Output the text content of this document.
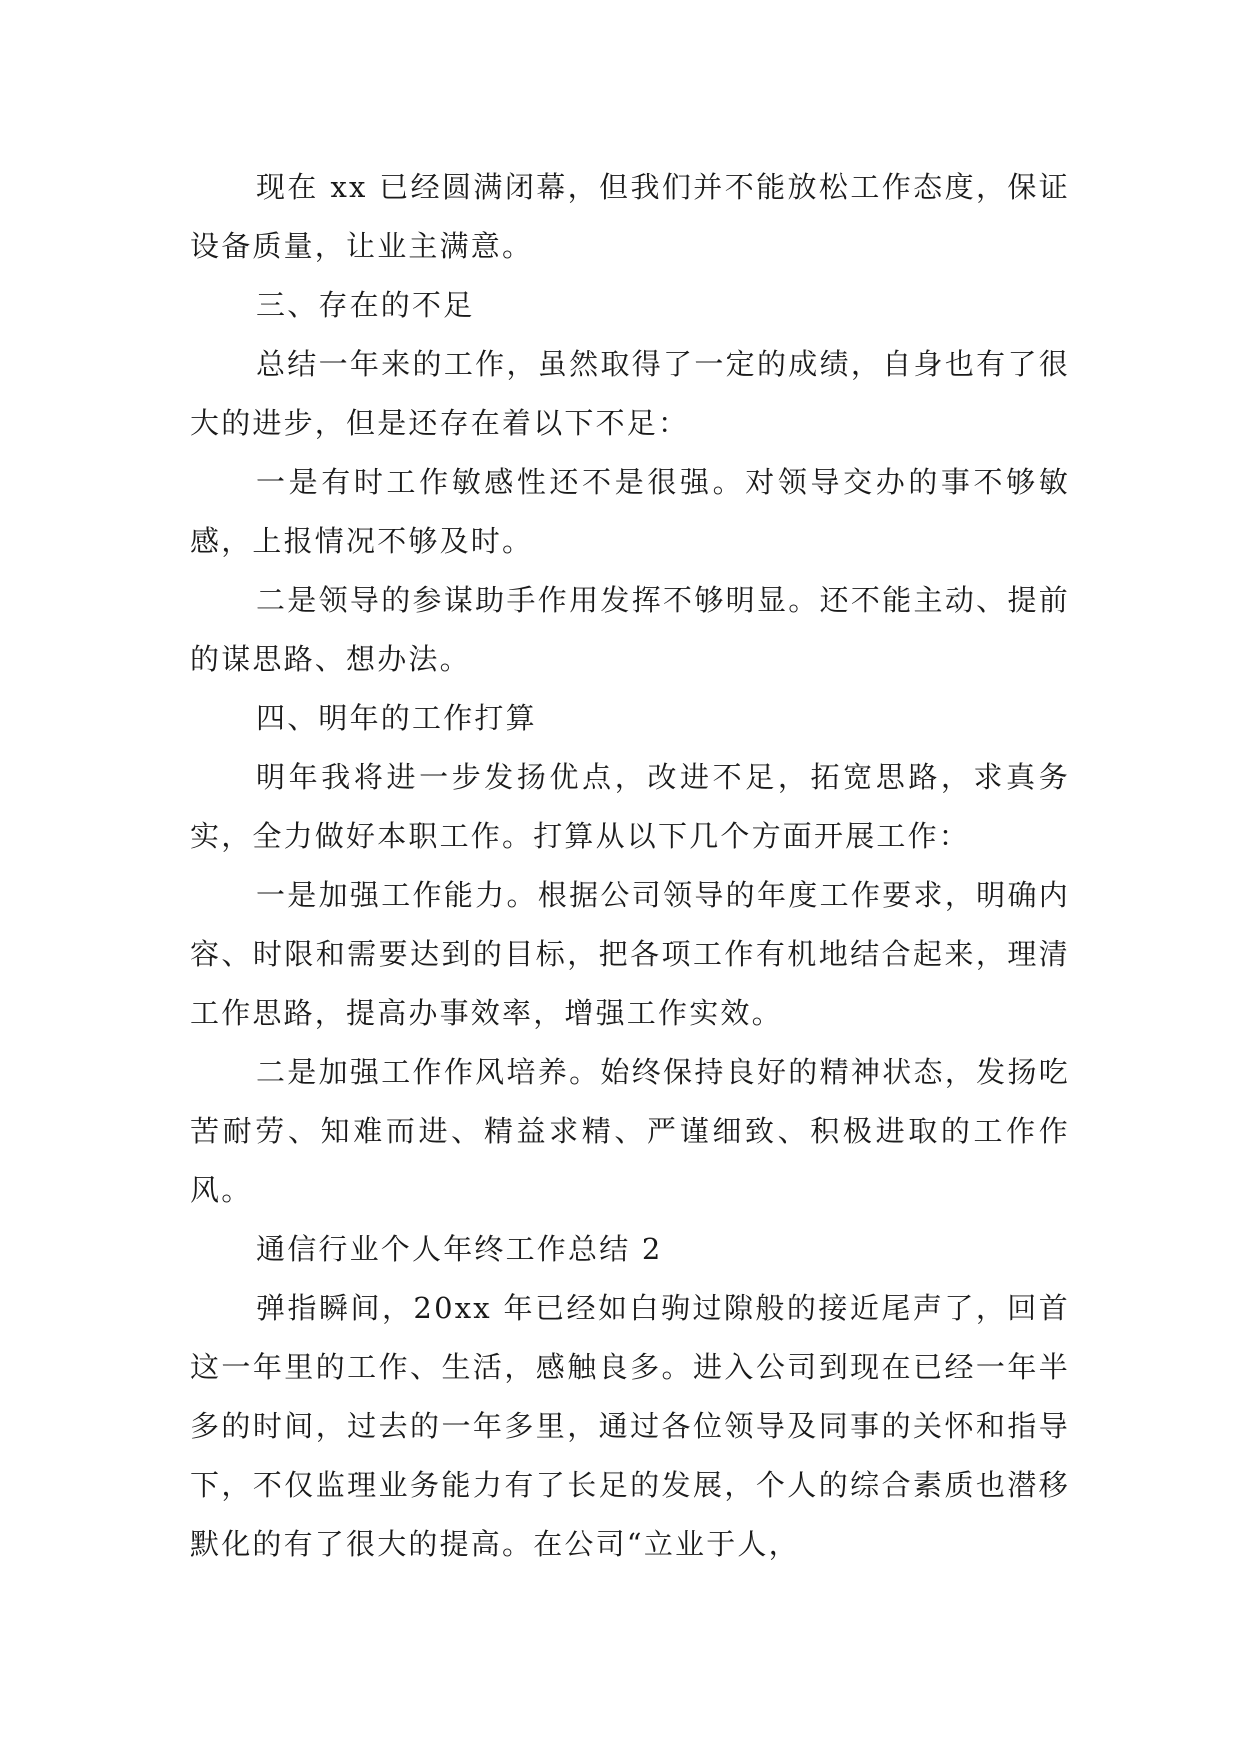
现在 xx 已经圆满闭幕，但我们并不能放松工作态度，保证设备质量，让业主满意。

三、存在的不足

总结一年来的工作，虽然取得了一定的成绩，自身也有了很大的进步，但是还存在着以下不足：

一是有时工作敏感性还不是很强。对领导交办的事不够敏感，上报情况不够及时。

二是领导的参谋助手作用发挥不够明显。还不能主动、提前的谋思路、想办法。

四、明年的工作打算

明年我将进一步发扬优点，改进不足，拓宽思路，求真务实，全力做好本职工作。打算从以下几个方面开展工作：

一是加强工作能力。根据公司领导的年度工作要求，明确内容、时限和需要达到的目标，把各项工作有机地结合起来，理清工作思路，提高办事效率，增强工作实效。

二是加强工作作风培养。始终保持良好的精神状态，发扬吃苦耐劳、知难而进、精益求精、严谨细致、积极进取的工作作风。

通信行业个人年终工作总结 2

弹指瞬间，20xx 年已经如白驹过隙般的接近尾声了，回首这一年里的工作、生活，感触良多。进入公司到现在已经一年半多的时间，过去的一年多里，通过各位领导及同事的关怀和指导下，不仅监理业务能力有了长足的发展，个人的综合素质也潜移默化的有了很大的提高。在公司“立业于人，
